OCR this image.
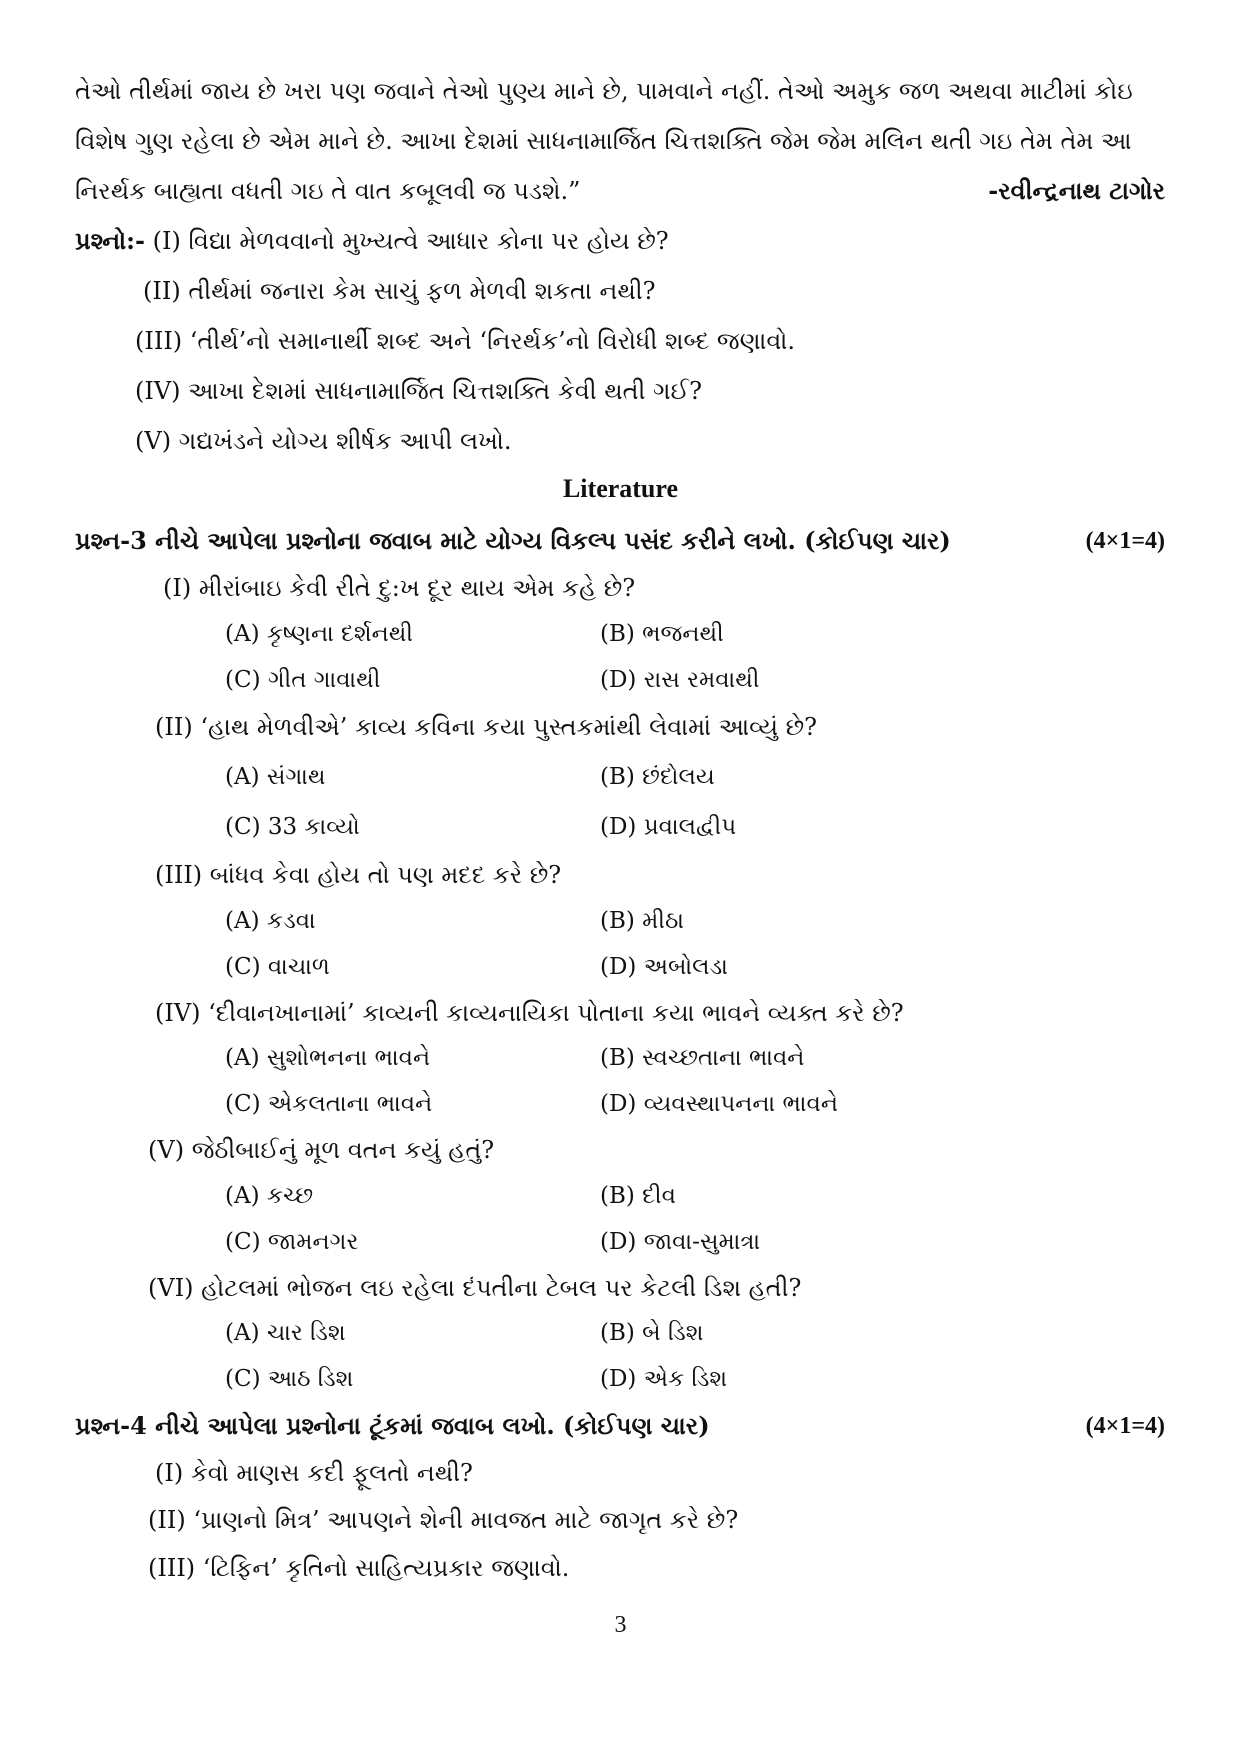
તેઓ તીર્થમાં જાય છે ખરા પણ જવાને તેઓ પુણ્ય માને છે, પામવાને નહીં. તેઓ અમુક જળ અથવા માટીમાં કોઇ
વિશેષ ગુણ રહેલા છે એમ માને છે. આખા દેશમાં સાધનામાર્જિત ચિત્તશક્તિ જેમ જેમ મલિન થતી ગઇ તેમ તેમ આ
નિરર્થક બાહ્યતા વધતી ગઇ તે વાત કબૂલવી જ પડશે.”	-રવીન્દ્રનાથ ટાગોર
પ્રશ્નો:- (I) વિદ્યા મેળવવાનો મુખ્યત્વે આધાર કોના પર હોય છે?
(II) તીર્થમાં જનારા કેમ સાચું ફળ મેળવી શકતા નથી?
(III) ‘તીર્થ’નો સમાનાર્થી શબ્દ અને ‘નિરર્થક’નો વિરોધી શબ્દ જણાવો.
(IV) આખા દેશમાં સાધનામાર્જિત ચિત્તશક્તિ કેવી થતી ગઈ?
(V) ગદ્યખંડને યોગ્ય શીર્ષક આપી લખો.
Literature
પ્રશ્ન-3 નીચે આપેલા પ્રશ્નોના જવાબ માટે યોગ્ય વિકલ્પ પસંદ કરીને લખો. (કોઈપણ ચાર)	(4×1=4)
(I) મીરાંબાઇ કેવી રીતે દુ:ખ દૂર થાય એમ કહે છે?
(A) કૃષ્ણના દર્શનથી	(B) ભજનથી
(C) ગીત ગાવાથી	(D) રાસ રમવાથી
(II) ‘હાથ મેળવીએ’ કાવ્ય કવિના કયા પુસ્તકમાંથી લેવામાં આવ્યું છે?
(A) સંગાથ	(B) છંદોલય
(C) 33 કાવ્યો	(D) પ્રવાલદ્વીપ
(III) બાંધવ કેવા હોય તો પણ મદદ કરે છે?
(A) કડવા	(B) મીઠા
(C) વાચાળ	(D) અબોલડા
(IV) ‘દીવાનખાનામાં’ કાવ્યની કાવ્યનાયિકા પોતાના કયા ભાવને વ્યક્ત કરે છે?
(A) સુશોભનના ભાવને	(B) સ્વચ્છતાના ભાવને
(C) એકલતાના ભાવને	(D) વ્યવસ્થાપનના ભાવને
(V) જેઠીબાઈનું મૂળ વતન કયું હતું?
(A) કચ્છ	(B) દીવ
(C) જામનગર	(D) જાવા-સુમાત્રા
(VI) હોટલમાં ભોજન લઇ રહેલા દંપતીના ટેબલ પર કેટલી ડિશ હતી?
(A) ચાર ડિશ	(B) બે ડિશ
(C) આઠ ડિશ	(D) એક ડિશ
પ્રશ્ન-4 નીચે આપેલા પ્રશ્નોના ટૂંકમાં જવાબ લખો. (કોઈપણ ચાર)	(4×1=4)
(I) કેવો માણસ કદી ફૂલતો નથી?
(II) ‘પ્રાણનો મિત્ર’ આપણને શેની માવજત માટે જાગૃત કરે છે?
(III) ‘ટિફિન’ કૃતિનો સાહિત્યપ્રકાર જણાવો.
3
